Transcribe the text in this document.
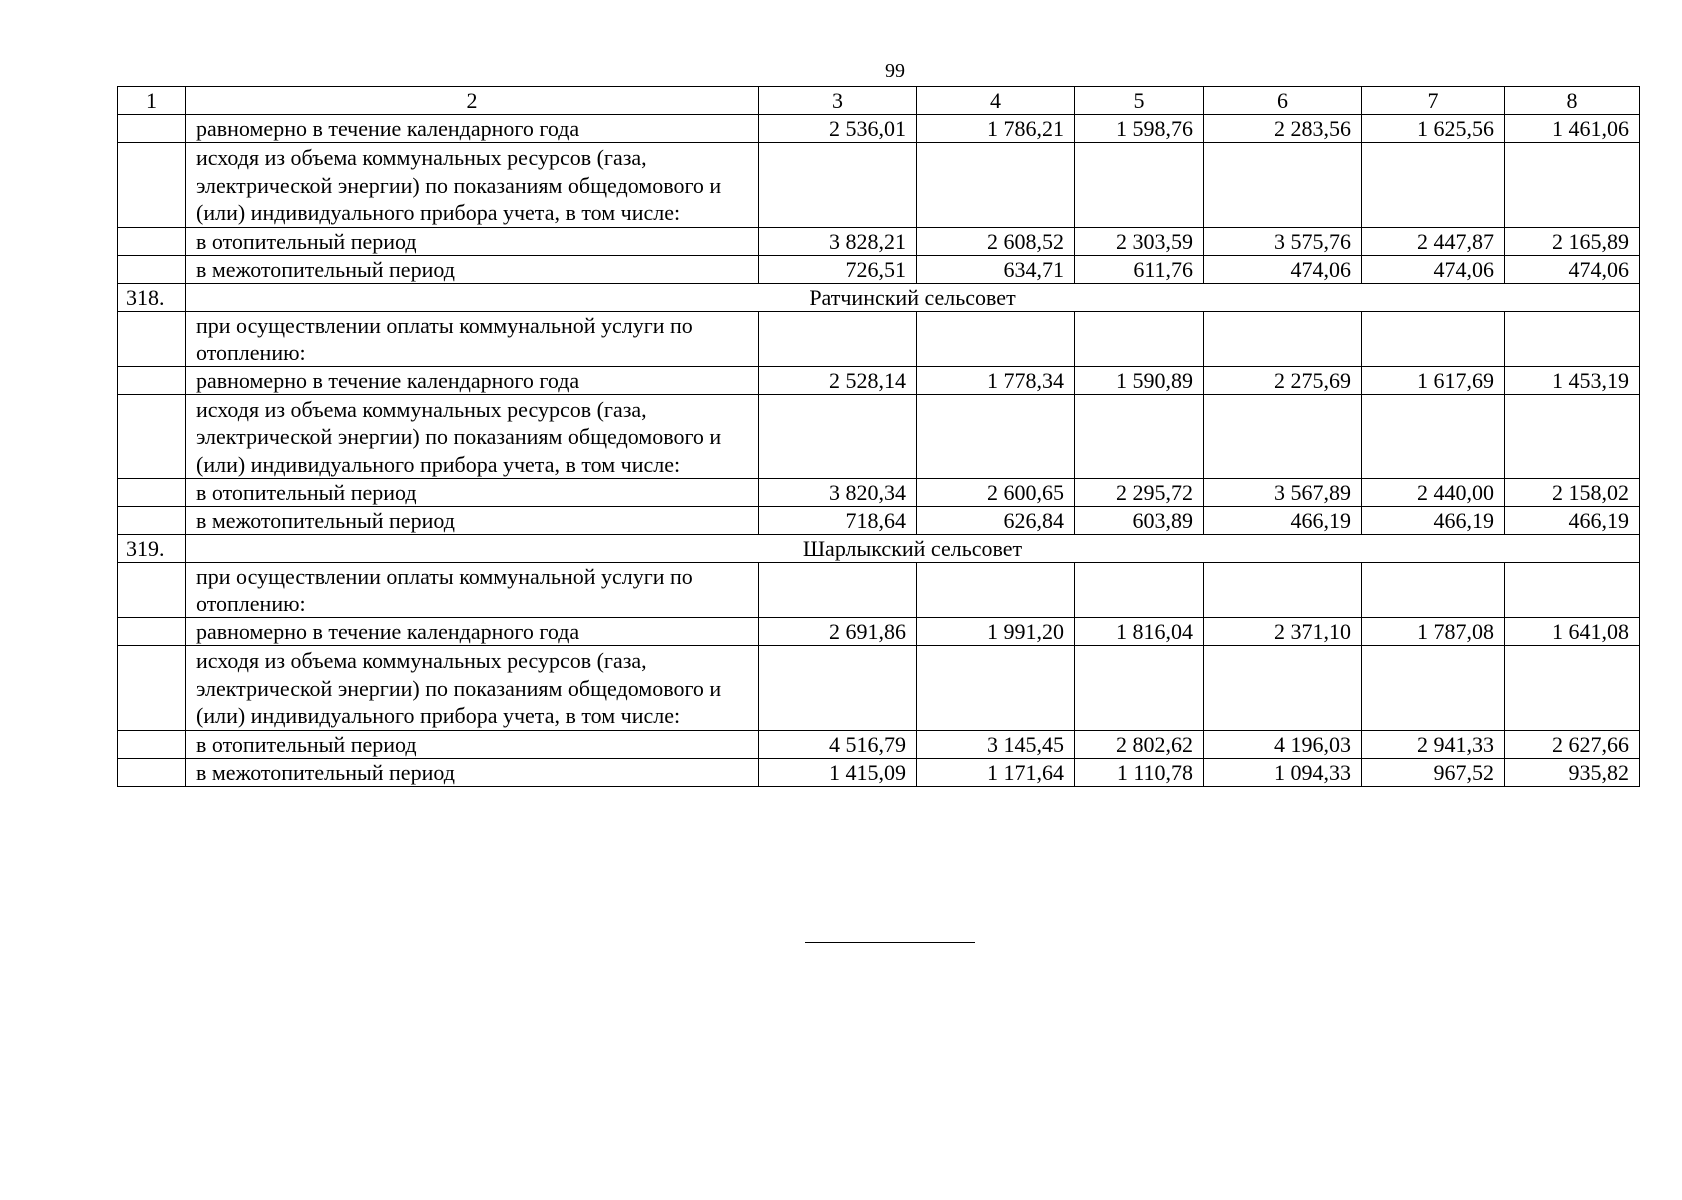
99
1	2	3	4	5	6	7	8
	равномерно в течение календарного года	2 536,01	1 786,21	1 598,76	2 283,56	1 625,56	1 461,06
	исходя из объема коммунальных ресурсов (газа, электрической энергии) по показаниям общедомового и (или) индивидуального прибора учета, в том числе:						
	в отопительный период	3 828,21	2 608,52	2 303,59	3 575,76	2 447,87	2 165,89
	в межотопительный период	726,51	634,71	611,76	474,06	474,06	474,06
318.	Ратчинский сельсовет						
	при осуществлении оплаты коммунальной услуги по отоплению:						
	равномерно в течение календарного года	2 528,14	1 778,34	1 590,89	2 275,69	1 617,69	1 453,19
	исходя из объема коммунальных ресурсов (газа, электрической энергии) по показаниям общедомового и (или) индивидуального прибора учета, в том числе:						
	в отопительный период	3 820,34	2 600,65	2 295,72	3 567,89	2 440,00	2 158,02
	в межотопительный период	718,64	626,84	603,89	466,19	466,19	466,19
319.	Шарлыкский сельсовет						
	при осуществлении оплаты коммунальной услуги по отоплению:						
	равномерно в течение календарного года	2 691,86	1 991,20	1 816,04	2 371,10	1 787,08	1 641,08
	исходя из объема коммунальных ресурсов (газа, электрической энергии) по показаниям общедомового и (или) индивидуального прибора учета, в том числе:						
	в отопительный период	4 516,79	3 145,45	2 802,62	4 196,03	2 941,33	2 627,66
	в межотопительный период	1 415,09	1 171,64	1 110,78	1 094,33	967,52	935,82
